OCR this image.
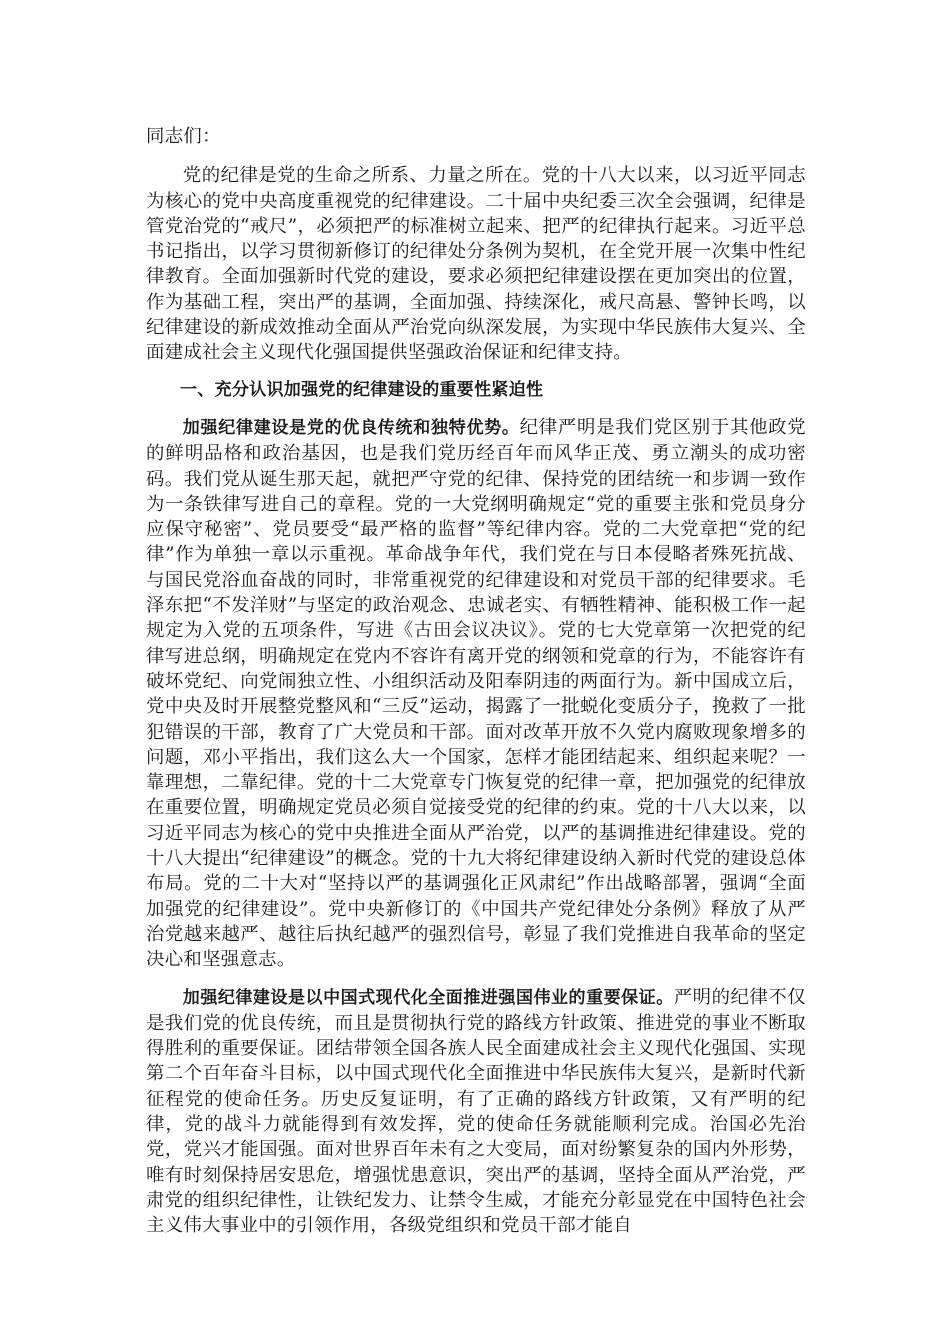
同志们：

党的纪律是党的生命之所系、力量之所在。党的十八大以来，以习近平同志为核心的党中央高度重视党的纪律建设。二十届中央纪委三次全会强调，纪律是管党治党的“戒尺”，必须把严的标准树立起来、把严的纪律执行起来。习近平总书记指出，以学习贯彻新修订的纪律处分条例为契机，在全党开展一次集中性纪律教育。全面加强新时代党的建设，要求必须把纪律建设摆在更加突出的位置，作为基础工程，突出严的基调，全面加强、持续深化，戒尺高悬、警钟长鸣，以纪律建设的新成效推动全面从严治党向纵深发展，为实现中华民族伟大复兴、全面建成社会主义现代化强国提供坚强政治保证和纪律支持。

一、充分认识加强党的纪律建设的重要性紧迫性

加强纪律建设是党的优良传统和独特优势。纪律严明是我们党区别于其他政党的鲜明品格和政治基因，也是我们党历经百年而风华正茂、勇立潮头的成功密码。我们党从诞生那天起，就把严守党的纪律、保持党的团结统一和步调一致作为一条铁律写进自己的章程。党的一大党纲明确规定“党的重要主张和党员身分应保守秘密”、党员要受“最严格的监督”等纪律内容。党的二大党章把“党的纪律”作为单独一章以示重视。革命战争年代，我们党在与日本侵略者殊死抗战、与国民党浴血奋战的同时，非常重视党的纪律建设和对党员干部的纪律要求。毛泽东把“不发洋财”与坚定的政治观念、忠诚老实、有牺牲精神、能积极工作一起规定为入党的五项条件，写进《古田会议决议》。党的七大党章第一次把党的纪律写进总纲，明确规定在党内不容许有离开党的纲领和党章的行为，不能容许有破坏党纪、向党闹独立性、小组织活动及阳奉阴违的两面行为。新中国成立后，党中央及时开展整党整风和“三反”运动，揭露了一批蜕化变质分子，挽救了一批犯错误的干部，教育了广大党员和干部。面对改革开放不久党内腐败现象增多的问题，邓小平指出，我们这么大一个国家，怎样才能团结起来、组织起来呢？一靠理想，二靠纪律。党的十二大党章专门恢复党的纪律一章，把加强党的纪律放在重要位置，明确规定党员必须自觉接受党的纪律的约束。党的十八大以来，以习近平同志为核心的党中央推进全面从严治党，以严的基调推进纪律建设。党的十八大提出“纪律建设”的概念。党的十九大将纪律建设纳入新时代党的建设总体布局。党的二十大对“坚持以严的基调强化正风肃纪”作出战略部署，强调“全面加强党的纪律建设”。党中央新修订的《中国共产党纪律处分条例》释放了从严治党越来越严、越往后执纪越严的强烈信号，彰显了我们党推进自我革命的坚定决心和坚强意志。

加强纪律建设是以中国式现代化全面推进强国伟业的重要保证。严明的纪律不仅是我们党的优良传统，而且是贯彻执行党的路线方针政策、推进党的事业不断取得胜利的重要保证。团结带领全国各族人民全面建成社会主义现代化强国、实现第二个百年奋斗目标，以中国式现代化全面推进中华民族伟大复兴，是新时代新征程党的使命任务。历史反复证明，有了正确的路线方针政策，又有严明的纪律，党的战斗力就能得到有效发挥，党的使命任务就能顺利完成。治国必先治党，党兴才能国强。面对世界百年未有之大变局，面对纷繁复杂的国内外形势，唯有时刻保持居安思危，增强忧患意识，突出严的基调，坚持全面从严治党，严肃党的组织纪律性，让铁纪发力、让禁令生威，才能充分彰显党在中国特色社会主义伟大事业中的引领作用，各级党组织和党员干部才能自
